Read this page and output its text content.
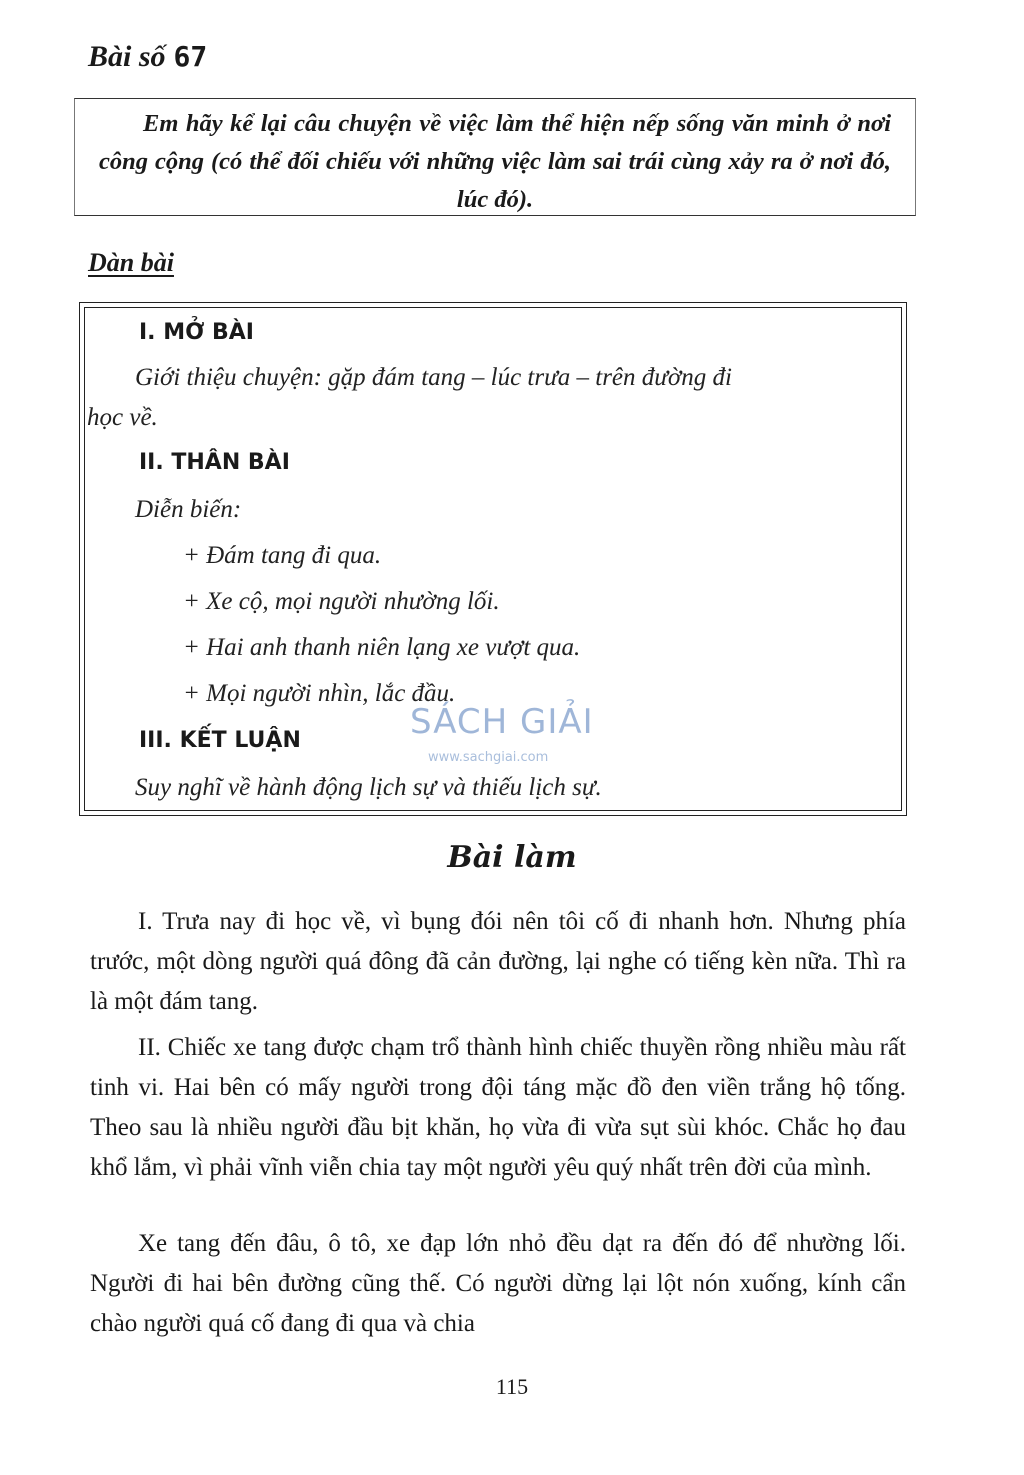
Bài số 67
Em hãy kể lại câu chuyện về việc làm thể hiện nếp sống văn minh ở nơi công cộng (có thể đối chiếu với những việc làm sai trái cùng xảy ra ở nơi đó, lúc đó).
Dàn bài
I. MỞ BÀI
Giới thiệu chuyện: gặp đám tang – lúc trưa – trên đường đi
học về.
II. THÂN BÀI
Diễn biến:
+ Đám tang đi qua.
+ Xe cộ, mọi người nhường lối.
+ Hai anh thanh niên lạng xe vượt qua.
+ Mọi người nhìn, lắc đầu.
III. KẾT LUẬN
Suy nghĩ về hành động lịch sự và thiếu lịch sự.
SÁCH GIẢI
www.sachgiai.com
Bài làm

I. Trưa nay đi học về, vì bụng đói nên tôi cố đi nhanh hơn. Nhưng phía trước, một dòng người quá đông đã cản đường, lại nghe có tiếng kèn nữa. Thì ra là một đám tang.

II. Chiếc xe tang được chạm trổ thành hình chiếc thuyền rồng nhiều màu rất tinh vi. Hai bên có mấy người trong đội táng mặc đồ đen viền trắng hộ tống. Theo sau là nhiều người đầu bịt khăn, họ vừa đi vừa sụt sùi khóc. Chắc họ đau khổ lắm, vì phải vĩnh viễn chia tay một người yêu quý nhất trên đời của mình.

Xe tang đến đâu, ô tô, xe đạp lớn nhỏ đều dạt ra đến đó để nhường lối. Người đi hai bên đường cũng thế. Có người dừng lại lột nón xuống, kính cẩn chào người quá cố đang đi qua và chia

115
